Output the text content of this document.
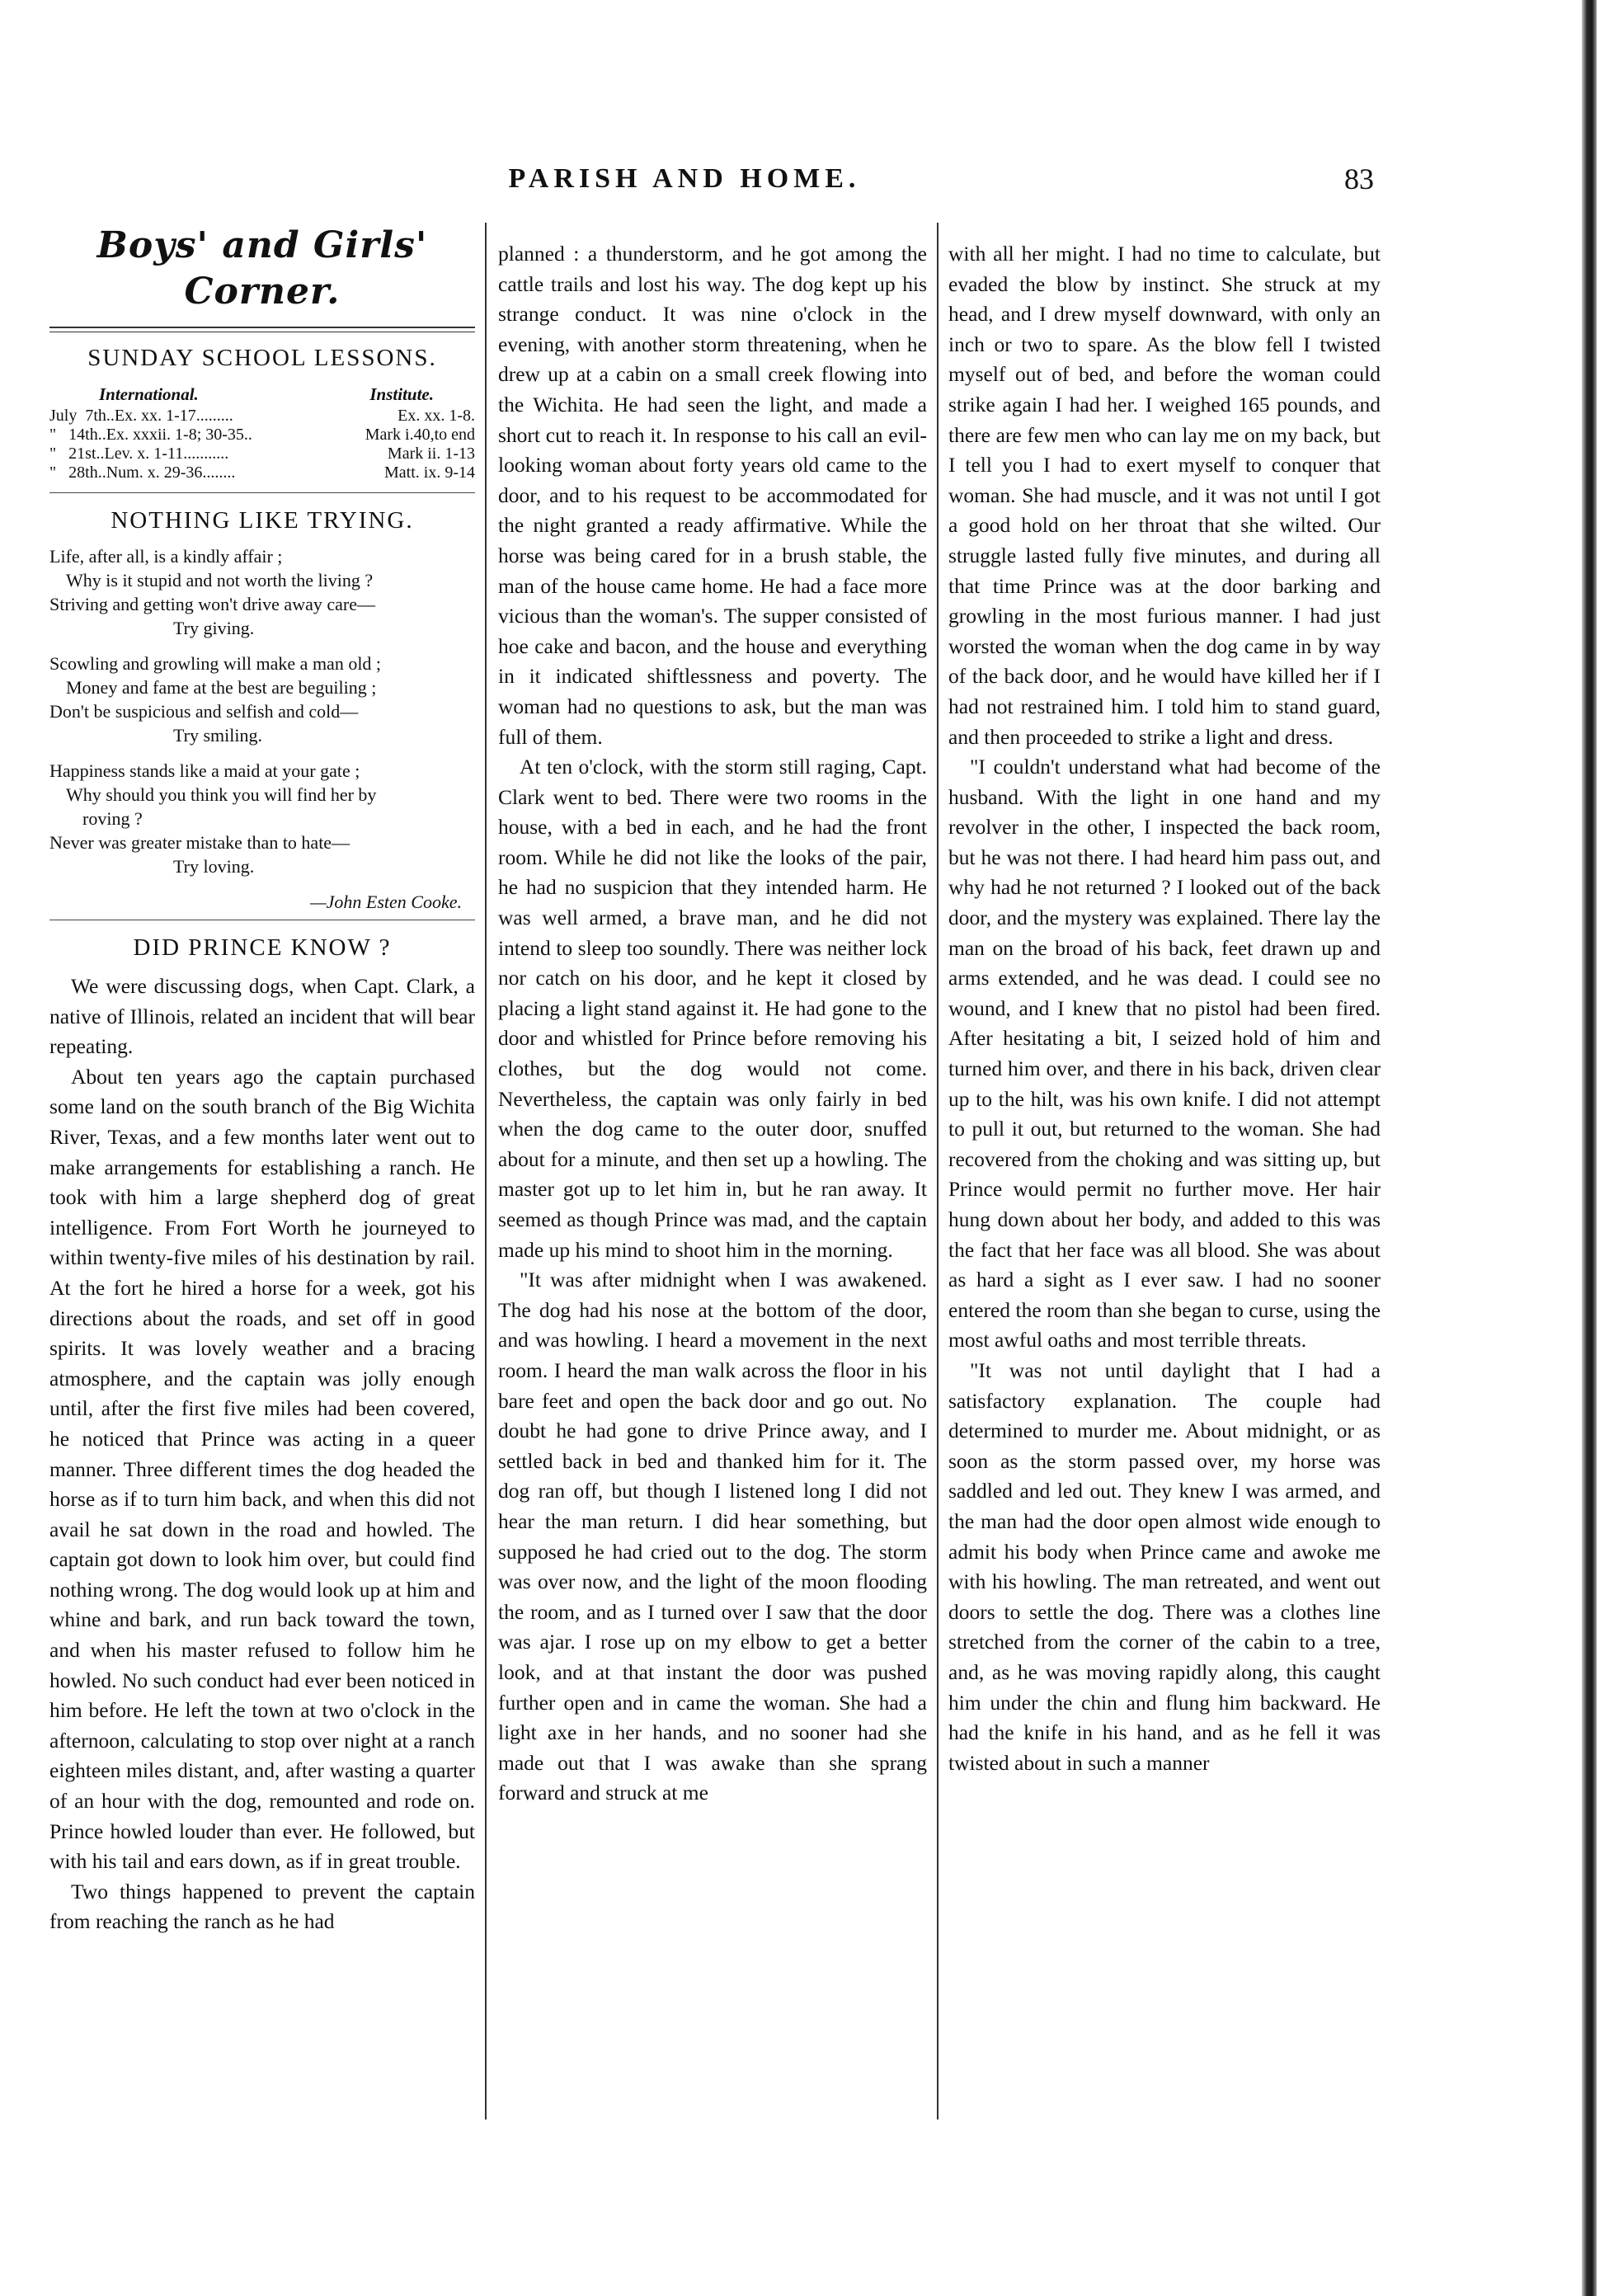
PARISH AND HOME.	83
Boys' and Girls' Corner.
SUNDAY SCHOOL LESSONS.
International.	Institute.
July  7th..Ex. xx. 1-17.........	Ex. xx. 1-8.
"   14th..Ex. xxxii. 1-8; 30-35..	Mark i.40,to end
"   21st..Lev. x. 1-11...........	Mark ii. 1-13
"   28th..Num. x. 29-36........	Matt. ix. 9-14
NOTHING LIKE TRYING.
Life, after all, is a kindly affair ;
Why is it stupid and not worth the living ?
Striving and getting won't drive away care—
Try giving.
Scowling and growling will make a man old ;
Money and fame at the best are beguiling ;
Don't be suspicious and selfish and cold—
Try smiling.
Happiness stands like a maid at your gate ;
Why should you think you will find her by
roving ?
Never was greater mistake than to hate—
Try loving.
—John Esten Cooke.
DID PRINCE KNOW ?

We were discussing dogs, when Capt. Clark, a native of Illinois, related an incident that will bear repeating.

About ten years ago the captain purchased some land on the south branch of the Big Wichita River, Texas, and a few months later went out to make arrangements for establishing a ranch. He took with him a large shepherd dog of great intelligence. From Fort Worth he journeyed to within twenty-five miles of his destination by rail. At the fort he hired a horse for a week, got his directions about the roads, and set off in good spirits. It was lovely weather and a bracing atmosphere, and the captain was jolly enough until, after the first five miles had been covered, he noticed that Prince was acting in a queer manner. Three different times the dog headed the horse as if to turn him back, and when this did not avail he sat down in the road and howled. The captain got down to look him over, but could find nothing wrong. The dog would look up at him and whine and bark, and run back toward the town, and when his master refused to follow him he howled. No such conduct had ever been noticed in him before. He left the town at two o'clock in the afternoon, calculating to stop over night at a ranch eighteen miles distant, and, after wasting a quarter of an hour with the dog, remounted and rode on. Prince howled louder than ever. He followed, but with his tail and ears down, as if in great trouble.

Two things happened to prevent the captain from reaching the ranch as he had

planned : a thunderstorm, and he got among the cattle trails and lost his way. The dog kept up his strange conduct. It was nine o'clock in the evening, with another storm threatening, when he drew up at a cabin on a small creek flowing into the Wichita. He had seen the light, and made a short cut to reach it. In response to his call an evil-looking woman about forty years old came to the door, and to his request to be accommodated for the night granted a ready affirmative. While the horse was being cared for in a brush stable, the man of the house came home. He had a face more vicious than the woman's. The supper consisted of hoe cake and bacon, and the house and everything in it indicated shiftlessness and poverty. The woman had no questions to ask, but the man was full of them.

At ten o'clock, with the storm still raging, Capt. Clark went to bed. There were two rooms in the house, with a bed in each, and he had the front room. While he did not like the looks of the pair, he had no suspicion that they intended harm. He was well armed, a brave man, and he did not intend to sleep too soundly. There was neither lock nor catch on his door, and he kept it closed by placing a light stand against it. He had gone to the door and whistled for Prince before removing his clothes, but the dog would not come. Nevertheless, the captain was only fairly in bed when the dog came to the outer door, snuffed about for a minute, and then set up a howling. The master got up to let him in, but he ran away. It seemed as though Prince was mad, and the captain made up his mind to shoot him in the morning.

"It was after midnight when I was awakened. The dog had his nose at the bottom of the door, and was howling. I heard a movement in the next room. I heard the man walk across the floor in his bare feet and open the back door and go out. No doubt he had gone to drive Prince away, and I settled back in bed and thanked him for it. The dog ran off, but though I listened long I did not hear the man return. I did hear something, but supposed he had cried out to the dog. The storm was over now, and the light of the moon flooding the room, and as I turned over I saw that the door was ajar. I rose up on my elbow to get a better look, and at that instant the door was pushed further open and in came the woman. She had a light axe in her hands, and no sooner had she made out that I was awake than she sprang forward and struck at me

with all her might. I had no time to calculate, but evaded the blow by instinct. She struck at my head, and I drew myself downward, with only an inch or two to spare. As the blow fell I twisted myself out of bed, and before the woman could strike again I had her. I weighed 165 pounds, and there are few men who can lay me on my back, but I tell you I had to exert myself to conquer that woman. She had muscle, and it was not until I got a good hold on her throat that she wilted. Our struggle lasted fully five minutes, and during all that time Prince was at the door barking and growling in the most furious manner. I had just worsted the woman when the dog came in by way of the back door, and he would have killed her if I had not restrained him. I told him to stand guard, and then proceeded to strike a light and dress.

"I couldn't understand what had become of the husband. With the light in one hand and my revolver in the other, I inspected the back room, but he was not there. I had heard him pass out, and why had he not returned ? I looked out of the back door, and the mystery was explained. There lay the man on the broad of his back, feet drawn up and arms extended, and he was dead. I could see no wound, and I knew that no pistol had been fired. After hesitating a bit, I seized hold of him and turned him over, and there in his back, driven clear up to the hilt, was his own knife. I did not attempt to pull it out, but returned to the woman. She had recovered from the choking and was sitting up, but Prince would permit no further move. Her hair hung down about her body, and added to this was the fact that her face was all blood. She was about as hard a sight as I ever saw. I had no sooner entered the room than she began to curse, using the most awful oaths and most terrible threats.

"It was not until daylight that I had a satisfactory explanation. The couple had determined to murder me. About midnight, or as soon as the storm passed over, my horse was saddled and led out. They knew I was armed, and the man had the door open almost wide enough to admit his body when Prince came and awoke me with his howling. The man retreated, and went out doors to settle the dog. There was a clothes line stretched from the corner of the cabin to a tree, and, as he was moving rapidly along, this caught him under the chin and flung him backward. He had the knife in his hand, and as he fell it was twisted about in such a manner
